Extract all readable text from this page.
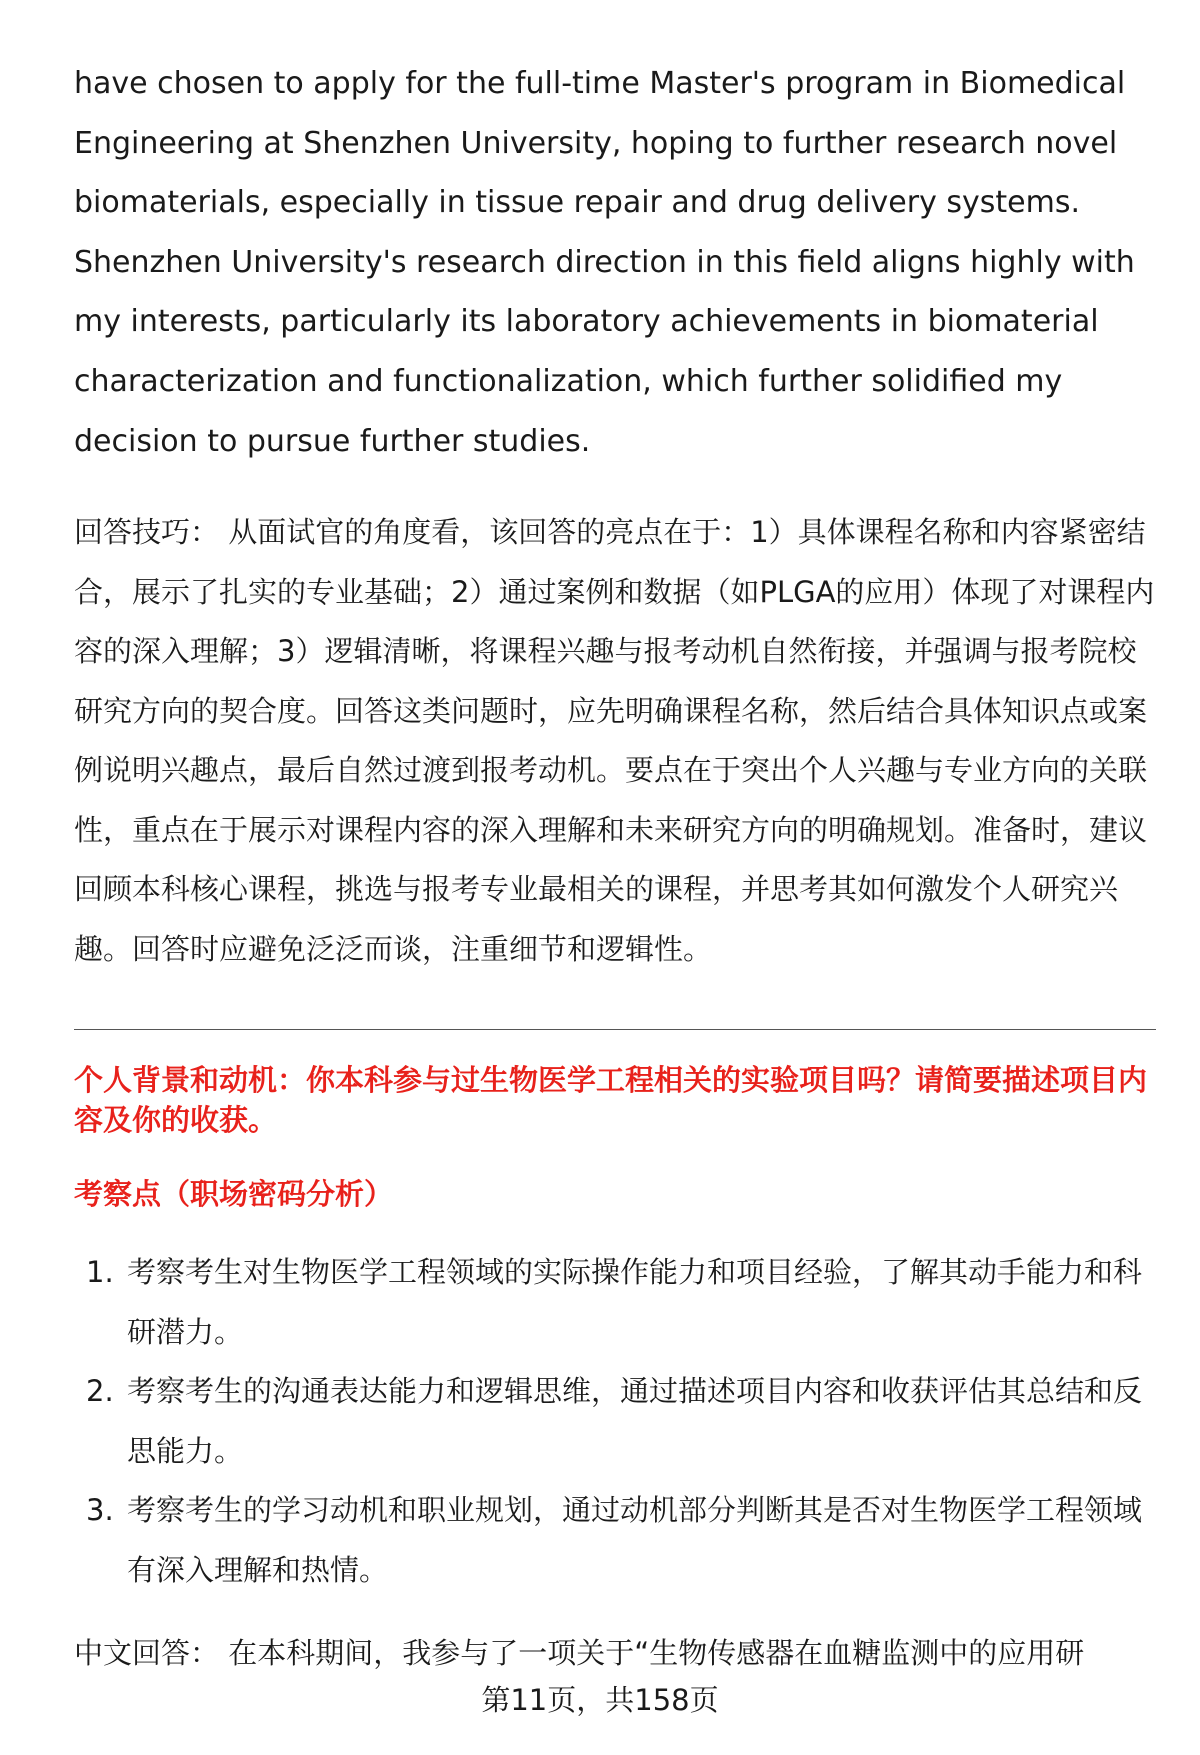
have chosen to apply for the full-time Master's program in Biomedical Engineering at Shenzhen University, hoping to further research novel biomaterials, especially in tissue repair and drug delivery systems. Shenzhen University's research direction in this field aligns highly with my interests, particularly its laboratory achievements in biomaterial characterization and functionalization, which further solidified my decision to pursue further studies.

回答技巧： 从面试官的角度看，该回答的亮点在于：1）具体课程名称和内容紧密结合，展示了扎实的专业基础；2）通过案例和数据（如PLGA的应用）体现了对课程内容的深入理解；3）逻辑清晰，将课程兴趣与报考动机自然衔接，并强调与报考院校研究方向的契合度。回答这类问题时，应先明确课程名称，然后结合具体知识点或案例说明兴趣点，最后自然过渡到报考动机。要点在于突出个人兴趣与专业方向的关联性，重点在于展示对课程内容的深入理解和未来研究方向的明确规划。准备时，建议回顾本科核心课程，挑选与报考专业最相关的课程，并思考其如何激发个人研究兴趣。回答时应避免泛泛而谈，注重细节和逻辑性。

个人背景和动机：你本科参与过生物医学工程相关的实验项目吗？请简要描述项目内容及你的收获。

考察点（职场密码分析）

1. 考察考生对生物医学工程领域的实际操作能力和项目经验，了解其动手能力和科研潜力。
2. 考察考生的沟通表达能力和逻辑思维，通过描述项目内容和收获评估其总结和反思能力。
3. 考察考生的学习动机和职业规划，通过动机部分判断其是否对生物医学工程领域有深入理解和热情。

中文回答： 在本科期间，我参与了一项关于“生物传感器在血糖监测中的应用研

第11页，共158页
